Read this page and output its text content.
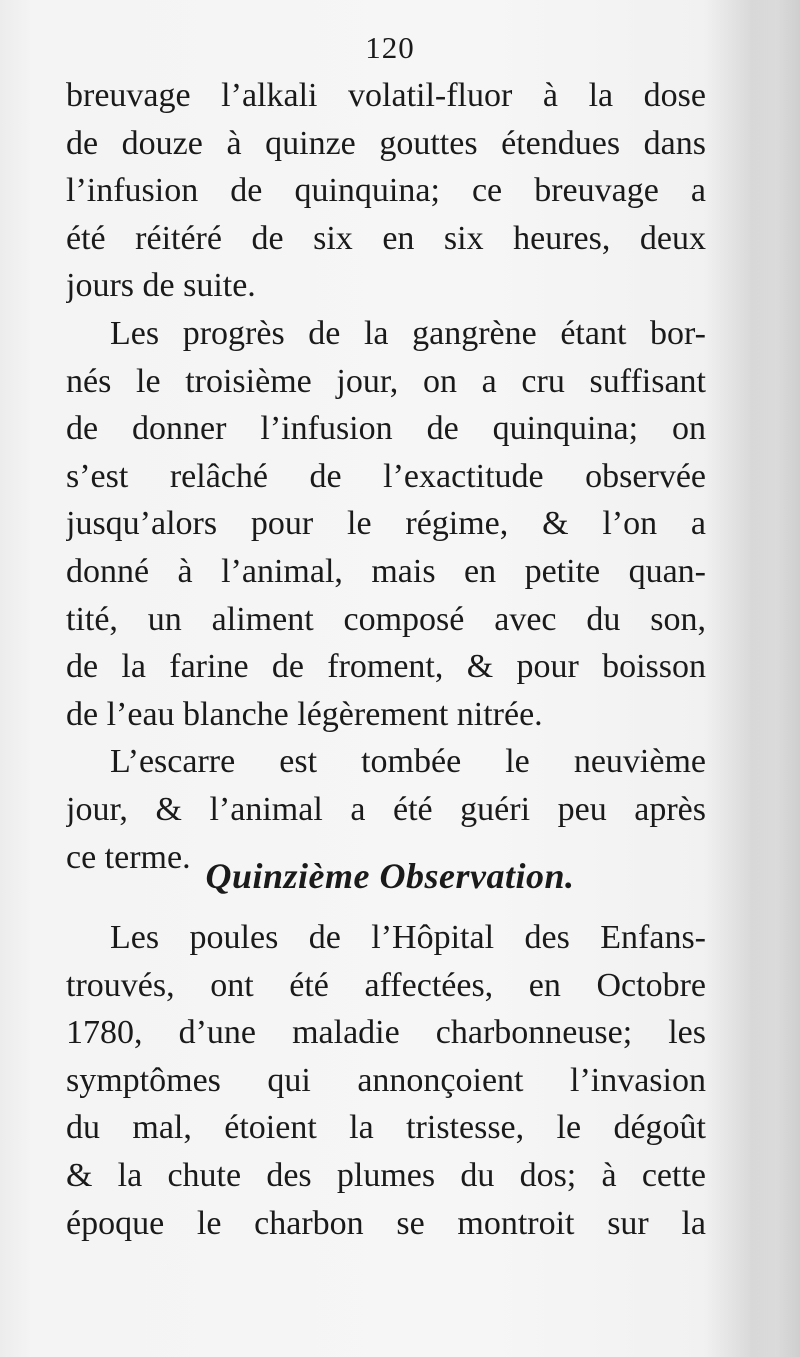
120

breuvage l’alkali volatil-fluor à la dose
de douze à quinze gouttes étendues dans
l’infusion de quinquina; ce breuvage a
été réitéré de six en six heures, deux
jours de suite.
Les progrès de la gangrène étant bor-
nés le troisième jour, on a cru suffisant
de donner l’infusion de quinquina; on
s’est relâché de l’exactitude observée
jusqu’alors pour le régime, & l’on a
donné à l’animal, mais en petite quan-
tité, un aliment composé avec du son,
de la farine de froment, & pour boisson
de l’eau blanche légèrement nitrée.
L’escarre est tombée le neuvième
jour, & l’animal a été guéri peu après
ce terme. Quinzième Observation.
Les poules de l’Hôpital des Enfans-
trouvés, ont été affectées, en Octobre
1780, d’une maladie charbonneuse; les
symptômes qui annonçoient l’invasion
du mal, étoient la tristesse, le dégoût
& la chute des plumes du dos; à cette
époque le charbon se montroit sur la
